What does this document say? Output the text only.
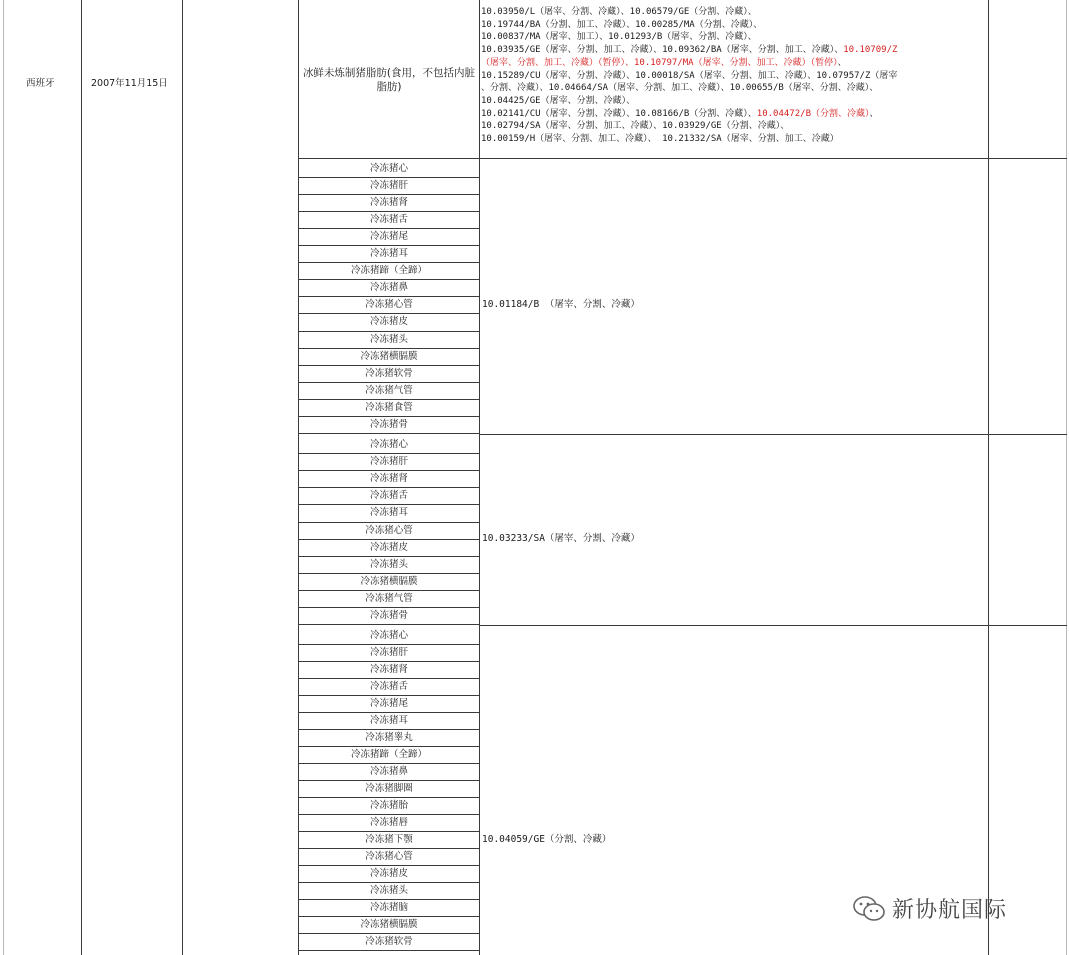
西班牙	2007年11月15日
冰鲜未炼制猪脂肪(食用，不包括内脏脂肪)
10.03950/L（屠宰、分割、冷藏）、10.06579/GE（分割、冷藏）、
10.19744/BA（分割、加工、冷藏）、10.00285/MA（分割、冷藏）、
10.00837/MA（屠宰、加工）、10.01293/B（屠宰、分割、冷藏）、
10.03935/GE（屠宰、分割、加工、冷藏）、10.09362/BA（屠宰、分割、加工、冷藏）、10.10709/Z
（屠宰、分割、加工、冷藏）（暂停）、10.10797/MA（屠宰、分割、加工、冷藏）（暂停）、
10.15289/CU（屠宰、分割、冷藏）、10.00018/SA（屠宰、分割、加工、冷藏）、10.07957/Z（屠宰
、分割、冷藏）、10.04664/SA（屠宰、分割、加工、冷藏）、10.00655/B（屠宰、分割、冷藏）、
10.04425/GE（屠宰、分割、冷藏）、
10.02141/CU（屠宰、分割、冷藏）、10.08166/B（分割、冷藏）、10.04472/B（分割、冷藏）、
10.02794/SA（屠宰、分割、加工、冷藏）、10.03929/GE（分割、冷藏）、
10.00159/H（屠宰、分割、加工、冷藏）、 10.21332/SA（屠宰、分割、加工、冷藏）
冷冻猪心
冷冻猪肝
冷冻猪肾
冷冻猪舌
冷冻猪尾
冷冻猪耳
冷冻猪蹄（全蹄）
冷冻猪鼻
冷冻猪心管
冷冻猪皮
冷冻猪头
冷冻猪横膈膜
冷冻猪软骨
冷冻猪气管
冷冻猪食管
冷冻猪骨
10.01184/B （屠宰、分割、冷藏）
冷冻猪心
冷冻猪肝
冷冻猪肾
冷冻猪舌
冷冻猪耳
冷冻猪心管
冷冻猪皮
冷冻猪头
冷冻猪横膈膜
冷冻猪气管
冷冻猪骨
10.03233/SA（屠宰、分割、冷藏）
冷冻猪心
冷冻猪肝
冷冻猪肾
冷冻猪舌
冷冻猪尾
冷冻猪耳
冷冻猪睾丸
冷冻猪蹄（全蹄）
冷冻猪鼻
冷冻猪脚圈
冷冻猪胎
冷冻猪唇
冷冻猪下颚
冷冻猪心管
冷冻猪皮
冷冻猪头
冷冻猪脑
冷冻猪横膈膜
冷冻猪软骨
10.04059/GE（分割、冷藏）
新协航国际
